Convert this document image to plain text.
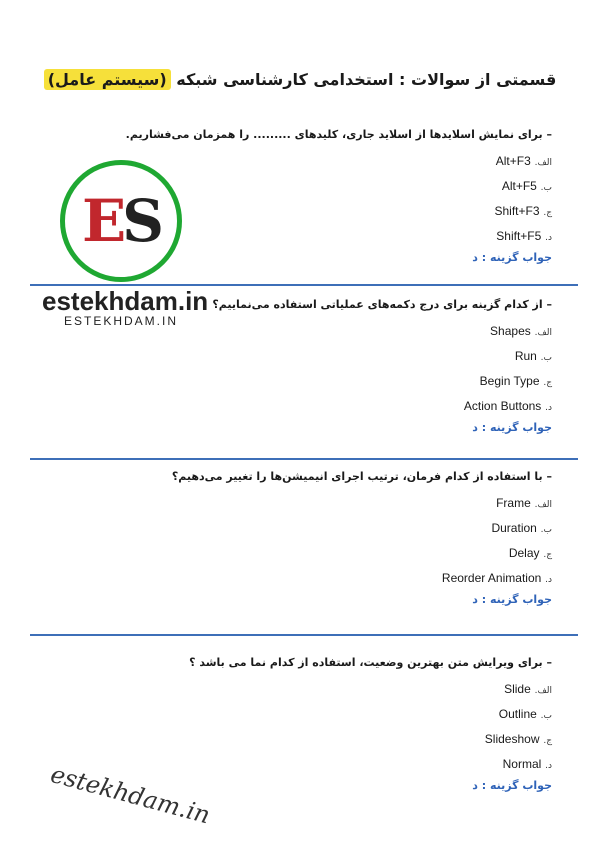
قسمتی از سوالات : استخدامی کارشناسی شبکه (سیستم عامل)
– برای نمایش اسلایدها از اسلاید جاری، کلیدهای ......... را همزمان می‌فشاریم.
الف. Alt+F3
ب. Alt+F5
ج. Shift+F3
د. Shift+F5
جواب گزینه : د
– از کدام گزینه برای درج دکمه‌های عملیاتی استفاده می‌نماییم؟
الف. Shapes
ب. Run
ج. Begin Type
د. Action Buttons
جواب گزینه : د
– با استفاده از کدام فرمان، ترتیب اجرای انیمیشن‌ها را تغییر می‌دهیم؟
الف. Frame
ب. Duration
ج. Delay
د. Reorder Animation
جواب گزینه : د
– برای ویرایش متن بهترین وضعیت، استفاده از کدام نما می باشد ؟
الف. Slide
ب. Outline
ج. Slideshow
د. Normal
جواب گزینه : د
ES
estekhdam.in
ESTEKHDAM.IN
estekhdam.in
